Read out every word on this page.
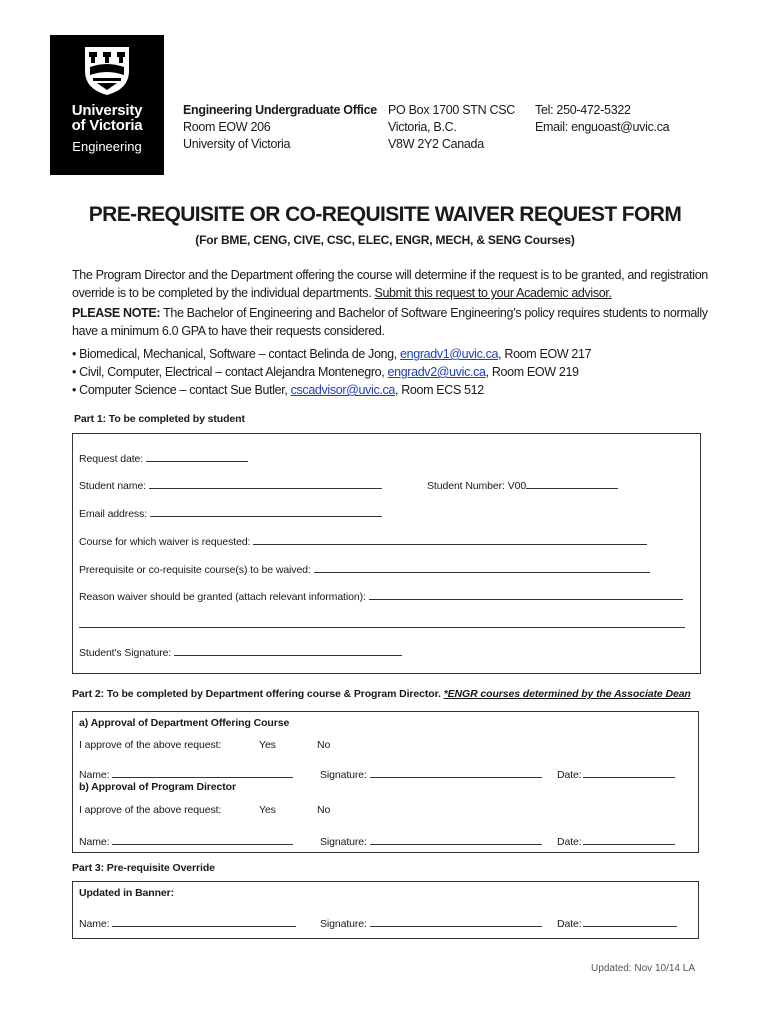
University
of Victoria
Engineering
Engineering Undergraduate Office
Room EOW 206
University of Victoria
PO Box 1700 STN CSC
Victoria, B.C.
V8W 2Y2 Canada
Tel: 250-472-5322
Email: enguoast@uvic.ca
PRE-REQUISITE OR CO-REQUISITE WAIVER REQUEST FORM
(For BME, CENG, CIVE, CSC, ELEC, ENGR, MECH, & SENG Courses)
The Program Director and the Department offering the course will determine if the request is to be granted, and registration override is to be completed by the individual departments. Submit this request to your Academic advisor.
PLEASE NOTE: The Bachelor of Engineering and Bachelor of Software Engineering’s policy requires students to normally have a minimum 6.0 GPA to have their requests considered.
• Biomedical, Mechanical, Software – contact Belinda de Jong, engradv1@uvic.ca, Room EOW 217
• Civil, Computer, Electrical – contact Alejandra Montenegro, engradv2@uvic.ca, Room EOW 219
• Computer Science – contact Sue Butler, cscadvisor@uvic.ca, Room ECS 512
Part 1: To be completed by student
Request date:
Student name:	Student Number: V00
Email address:
Course for which waiver is requested:
Prerequisite or co-requisite course(s) to be waived:
Reason waiver should be granted (attach relevant information):
Student's Signature:
Part 2: To be completed by Department offering course & Program Director. *ENGR courses determined by the Associate Dean
a) Approval of Department Offering Course
I approve of the above request:	Yes	No
Name:	Signature:	Date:
b) Approval of Program Director
I approve of the above request:	Yes	No
Name:	Signature:	Date:
Part 3: Pre-requisite Override
Updated in Banner:
Name:	Signature:	Date:
Updated: Nov 10/14 LA
